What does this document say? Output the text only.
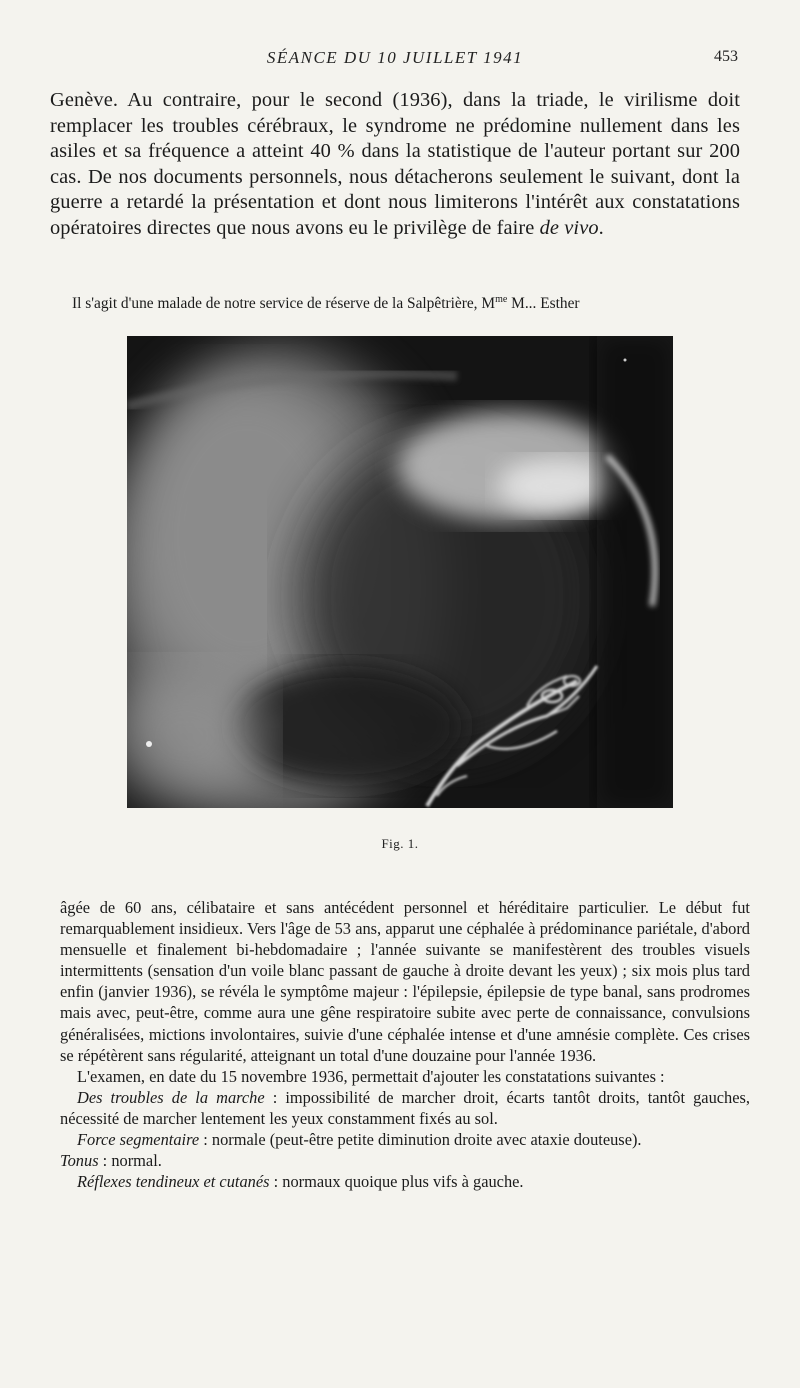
SÉANCE DU 10 JUILLET 1941	453

Genève. Au contraire, pour le second (1936), dans la triade, le virilisme doit remplacer les troubles cérébraux, le syndrome ne prédomine nullement dans les asiles et sa fréquence a atteint 40 % dans la statistique de l'auteur portant sur 200 cas. De nos documents personnels, nous détacherons seulement le suivant, dont la guerre a retardé la présentation et dont nous limiterons l'intérêt aux constatations opératoires directes que nous avons eu le privilège de faire de vivo.

Il s'agit d'une malade de notre service de réserve de la Salpêtrière, $M^{me}$ M... Esther
Fig. 1.

âgée de 60 ans, célibataire et sans antécédent personnel et héréditaire particulier. Le début fut remarquablement insidieux. Vers l'âge de 53 ans, apparut une céphalée à prédominance pariétale, d'abord mensuelle et finalement bi-hebdomadaire ; l'année suivante se manifestèrent des troubles visuels intermittents (sensation d'un voile blanc passant de gauche à droite devant les yeux) ; six mois plus tard enfin (janvier 1936), se révéla le symptôme majeur : l'épilepsie, épilepsie de type banal, sans prodromes mais avec, peut-être, comme aura une gêne respiratoire subite avec perte de connaissance, convulsions généralisées, mictions involontaires, suivie d'une céphalée intense et d'une amnésie complète. Ces crises se répétèrent sans régularité, atteignant un total d'une douzaine pour l'année 1936.

L'examen, en date du 15 novembre 1936, permettait d'ajouter les constatations suivantes :

Des troubles de la marche : impossibilité de marcher droit, écarts tantôt droits, tantôt gauches, nécessité de marcher lentement les yeux constamment fixés au sol.

Force segmentaire : normale (peut-être petite diminution droite avec ataxie douteuse).

Tonus : normal.

Réflexes tendineux et cutanés : normaux quoique plus vifs à gauche.
